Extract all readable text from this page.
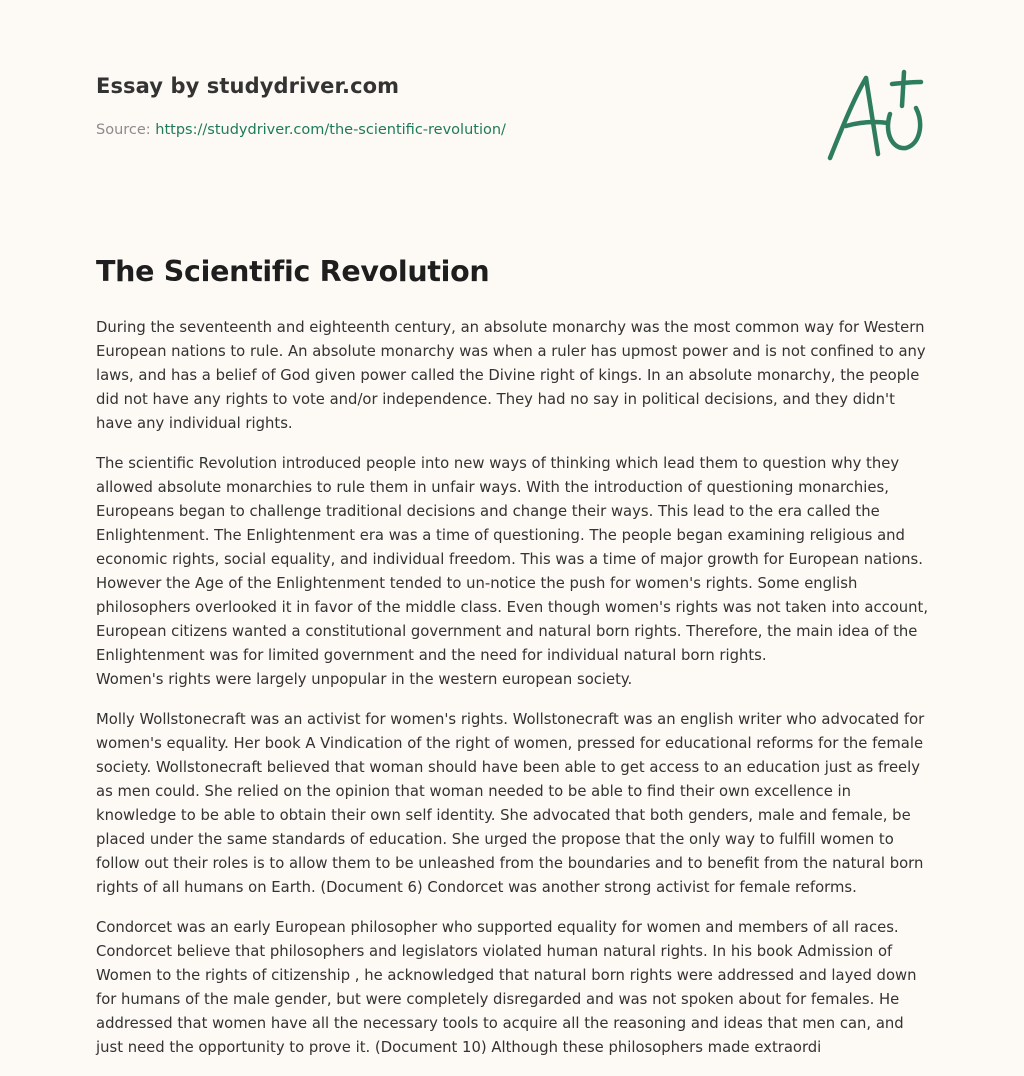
Essay by studydriver.com
Source: https://studydriver.com/the-scientific-revolution/
The Scientific Revolution

During the seventeenth and eighteenth century, an absolute monarchy was the most common way for Western European nations to rule. An absolute monarchy was when a ruler has upmost power and is not confined to any laws, and has a belief of God given power called the Divine right of kings. In an absolute monarchy, the people did not have any rights to vote and/or independence. They had no say in political decisions, and they didn't have any individual rights.

The scientific Revolution introduced people into new ways of thinking which lead them to question why they allowed absolute monarchies to rule them in unfair ways. With the introduction of questioning monarchies, Europeans began to challenge traditional decisions and change their ways. This lead to the era called the Enlightenment. The Enlightenment era was a time of questioning. The people began examining religious and economic rights, social equality, and individual freedom. This was a time of major growth for European nations. However the Age of the Enlightenment tended to un-notice the push for women's rights. Some english philosophers overlooked it in favor of the middle class. Even though women's rights was not taken into account, European citizens wanted a constitutional government and natural born rights. Therefore, the main idea of the Enlightenment was for limited government and the need for individual natural born rights.

Women's rights were largely unpopular in the western european society.

Molly Wollstonecraft was an activist for women's rights. Wollstonecraft was an english writer who advocated for women's equality. Her book A Vindication of the right of women, pressed for educational reforms for the female society. Wollstonecraft believed that woman should have been able to get access to an education just as freely as men could. She relied on the opinion that woman needed to be able to find their own excellence in knowledge to be able to obtain their own self identity. She advocated that both genders, male and female, be placed under the same standards of education. She urged the propose that the only way to fulfill women to follow out their roles is to allow them to be unleashed from the boundaries and to benefit from the natural born rights of all humans on Earth. (Document 6) Condorcet was another strong activist for female reforms.

Condorcet was an early European philosopher who supported equality for women and members of all races. Condorcet believe that philosophers and legislators violated human natural rights. In his book Admission of Women to the rights of citizenship , he acknowledged that natural born rights were addressed and layed down for humans of the male gender, but were completely disregarded and was not spoken about for females. He addressed that women have all the necessary tools to acquire all the reasoning and ideas that men can, and just need the opportunity to prove it. (Document 10) Although these philosophers made extraordi
